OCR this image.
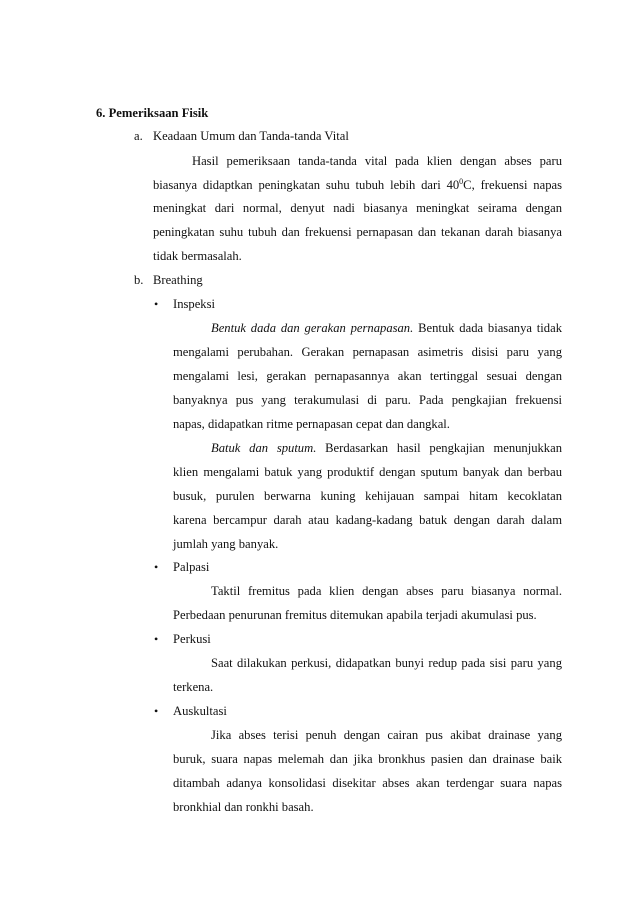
6. Pemeriksaan Fisik
a. Keadaan Umum dan Tanda-tanda Vital
Hasil pemeriksaan tanda-tanda vital pada klien dengan abses paru
biasanya didaptkan peningkatan suhu tubuh lebih dari $40^0C$, frekuensi napas
meningkat dari normal, denyut nadi biasanya meningkat seirama dengan
peningkatan suhu tubuh dan frekuensi pernapasan dan tekanan darah biasanya
tidak bermasalah.
b. Breathing
• Inspeksi
Bentuk dada dan gerakan pernapasan. Bentuk dada biasanya tidak
mengalami perubahan. Gerakan pernapasan asimetris disisi paru yang
mengalami lesi, gerakan pernapasannya akan tertinggal sesuai dengan
banyaknya pus yang terakumulasi di paru. Pada pengkajian frekuensi
napas, didapatkan ritme pernapasan cepat dan dangkal.
Batuk dan sputum. Berdasarkan hasil pengkajian menunjukkan
klien mengalami batuk yang produktif dengan sputum banyak dan berbau
busuk, purulen berwarna kuning kehijauan sampai hitam kecoklatan
karena bercampur darah atau kadang-kadang batuk dengan darah dalam
jumlah yang banyak.
• Palpasi
Taktil fremitus pada klien dengan abses paru biasanya normal.
Perbedaan penurunan fremitus ditemukan apabila terjadi akumulasi pus.
• Perkusi
Saat dilakukan perkusi, didapatkan bunyi redup pada sisi paru yang
terkena.
• Auskultasi
Jika abses terisi penuh dengan cairan pus akibat drainase yang
buruk, suara napas melemah dan jika bronkhus pasien dan drainase baik
ditambah adanya konsolidasi disekitar abses akan terdengar suara napas
bronkhial dan ronkhi basah.
